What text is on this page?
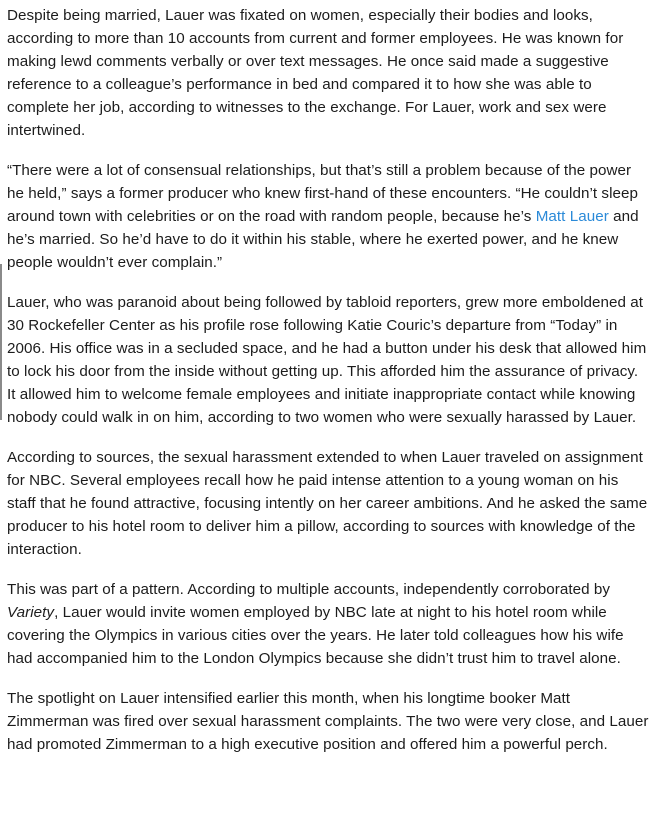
Despite being married, Lauer was fixated on women, especially their bodies and looks, according to more than 10 accounts from current and former employees. He was known for making lewd comments verbally or over text messages. He once said made a suggestive reference to a colleague’s performance in bed and compared it to how she was able to complete her job, according to witnesses to the exchange. For Lauer, work and sex were intertwined.

“There were a lot of consensual relationships, but that’s still a problem because of the power he held,” says a former producer who knew first-hand of these encounters. “He couldn’t sleep around town with celebrities or on the road with random people, because he’s Matt Lauer and he’s married. So he’d have to do it within his stable, where he exerted power, and he knew people wouldn’t ever complain.”

Lauer, who was paranoid about being followed by tabloid reporters, grew more emboldened at 30 Rockefeller Center as his profile rose following Katie Couric’s departure from “Today” in 2006. His office was in a secluded space, and he had a button under his desk that allowed him to lock his door from the inside without getting up. This afforded him the assurance of privacy. It allowed him to welcome female employees and initiate inappropriate contact while knowing nobody could walk in on him, according to two women who were sexually harassed by Lauer.

According to sources, the sexual harassment extended to when Lauer traveled on assignment for NBC. Several employees recall how he paid intense attention to a young woman on his staff that he found attractive, focusing intently on her career ambitions. And he asked the same producer to his hotel room to deliver him a pillow, according to sources with knowledge of the interaction.

This was part of a pattern. According to multiple accounts, independently corroborated by Variety, Lauer would invite women employed by NBC late at night to his hotel room while covering the Olympics in various cities over the years. He later told colleagues how his wife had accompanied him to the London Olympics because she didn’t trust him to travel alone.

The spotlight on Lauer intensified earlier this month, when his longtime booker Matt Zimmerman was fired over sexual harassment complaints. The two were very close, and Lauer had promoted Zimmerman to a high executive position and offered him a powerful perch.
